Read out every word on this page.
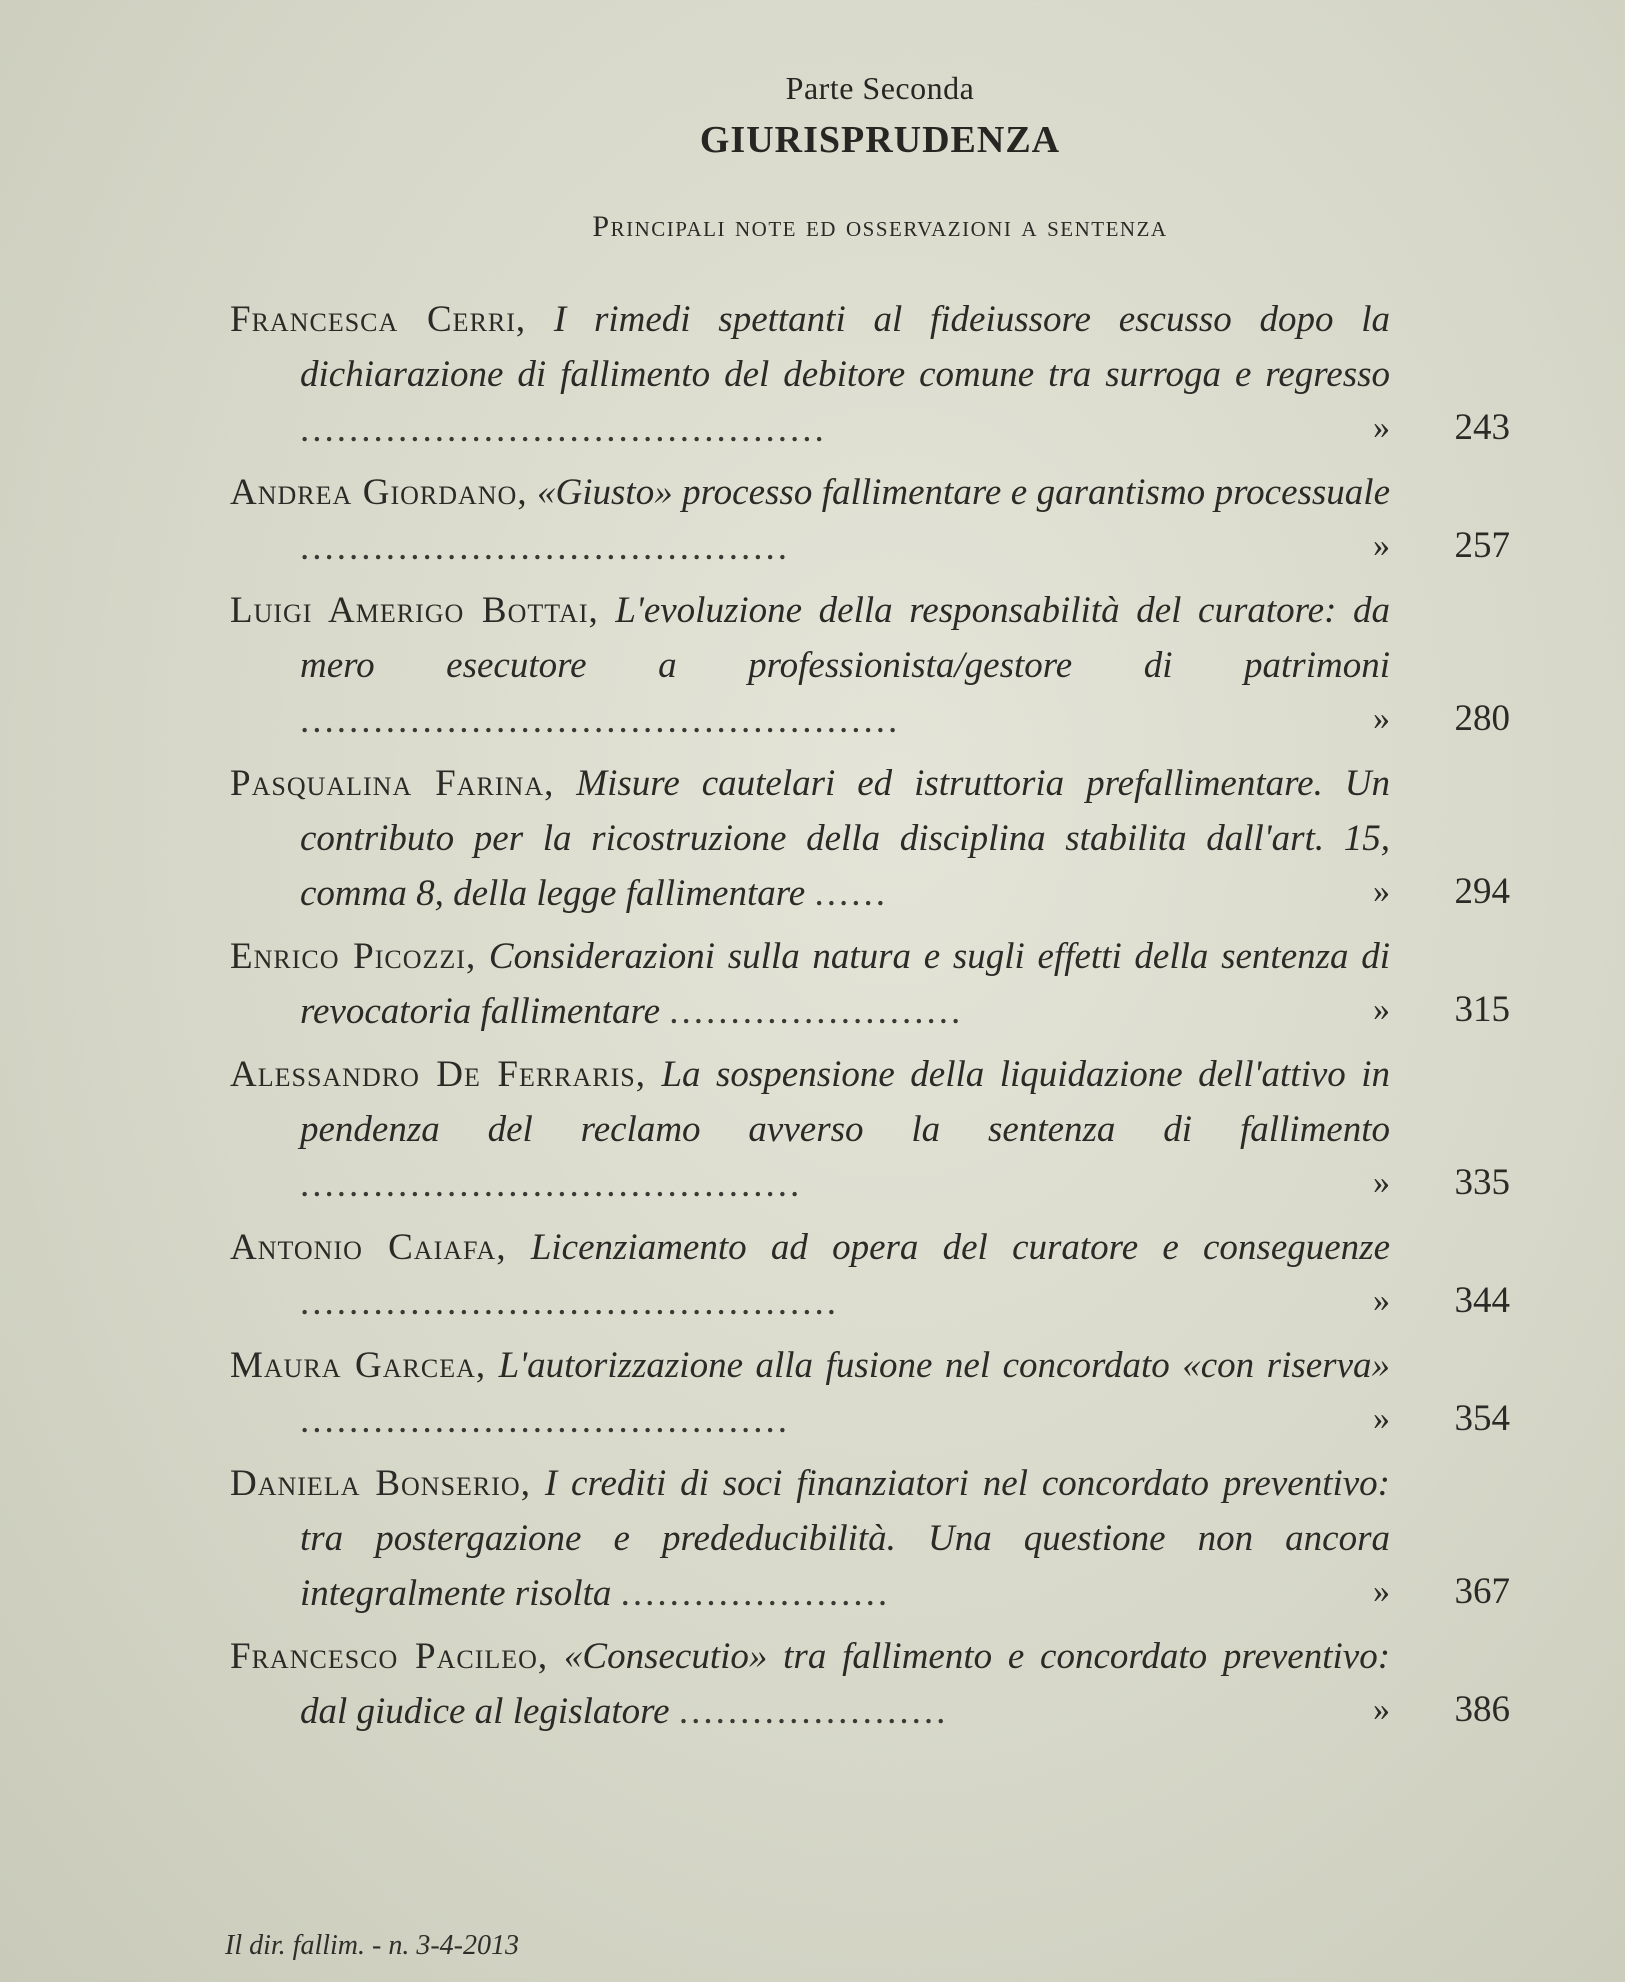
Parte Seconda
GIURISPRUDENZA
Principali note ed osservazioni a sentenza
Francesca Cerri, I rimedi spettanti al fideiussore escusso dopo la dichiarazione di fallimento del debitore comune tra surroga e regresso ...........................................	»	243
Andrea Giordano, «Giusto» processo fallimentare e garantismo processuale ........................................	»	257
Luigi Amerigo Bottai, L'evoluzione della responsabilità del curatore: da mero esecutore a professionista/gestore di patrimoni .................................................	»	280
Pasqualina Farina, Misure cautelari ed istruttoria prefallimentare. Un contributo per la ricostruzione della disciplina stabilita dall'art. 15, comma 8, della legge fallimentare ......	»	294
Enrico Picozzi, Considerazioni sulla natura e sugli effetti della sentenza di revocatoria fallimentare ........................	»	315
Alessandro De Ferraris, La sospensione della liquidazione dell'attivo in pendenza del reclamo avverso la sentenza di fallimento .........................................	»	335
Antonio Caiafa, Licenziamento ad opera del curatore e conseguenze ............................................	»	344
Maura Garcea, L'autorizzazione alla fusione nel concordato «con riserva» ........................................	»	354
Daniela Bonserio, I crediti di soci finanziatori nel concordato preventivo: tra postergazione e prededucibilità. Una questione non ancora integralmente risolta ......................	»	367
Francesco Pacileo, «Consecutio» tra fallimento e concordato preventivo: dal giudice al legislatore ......................	»	386
Il dir. fallim. - n. 3-4-2013
